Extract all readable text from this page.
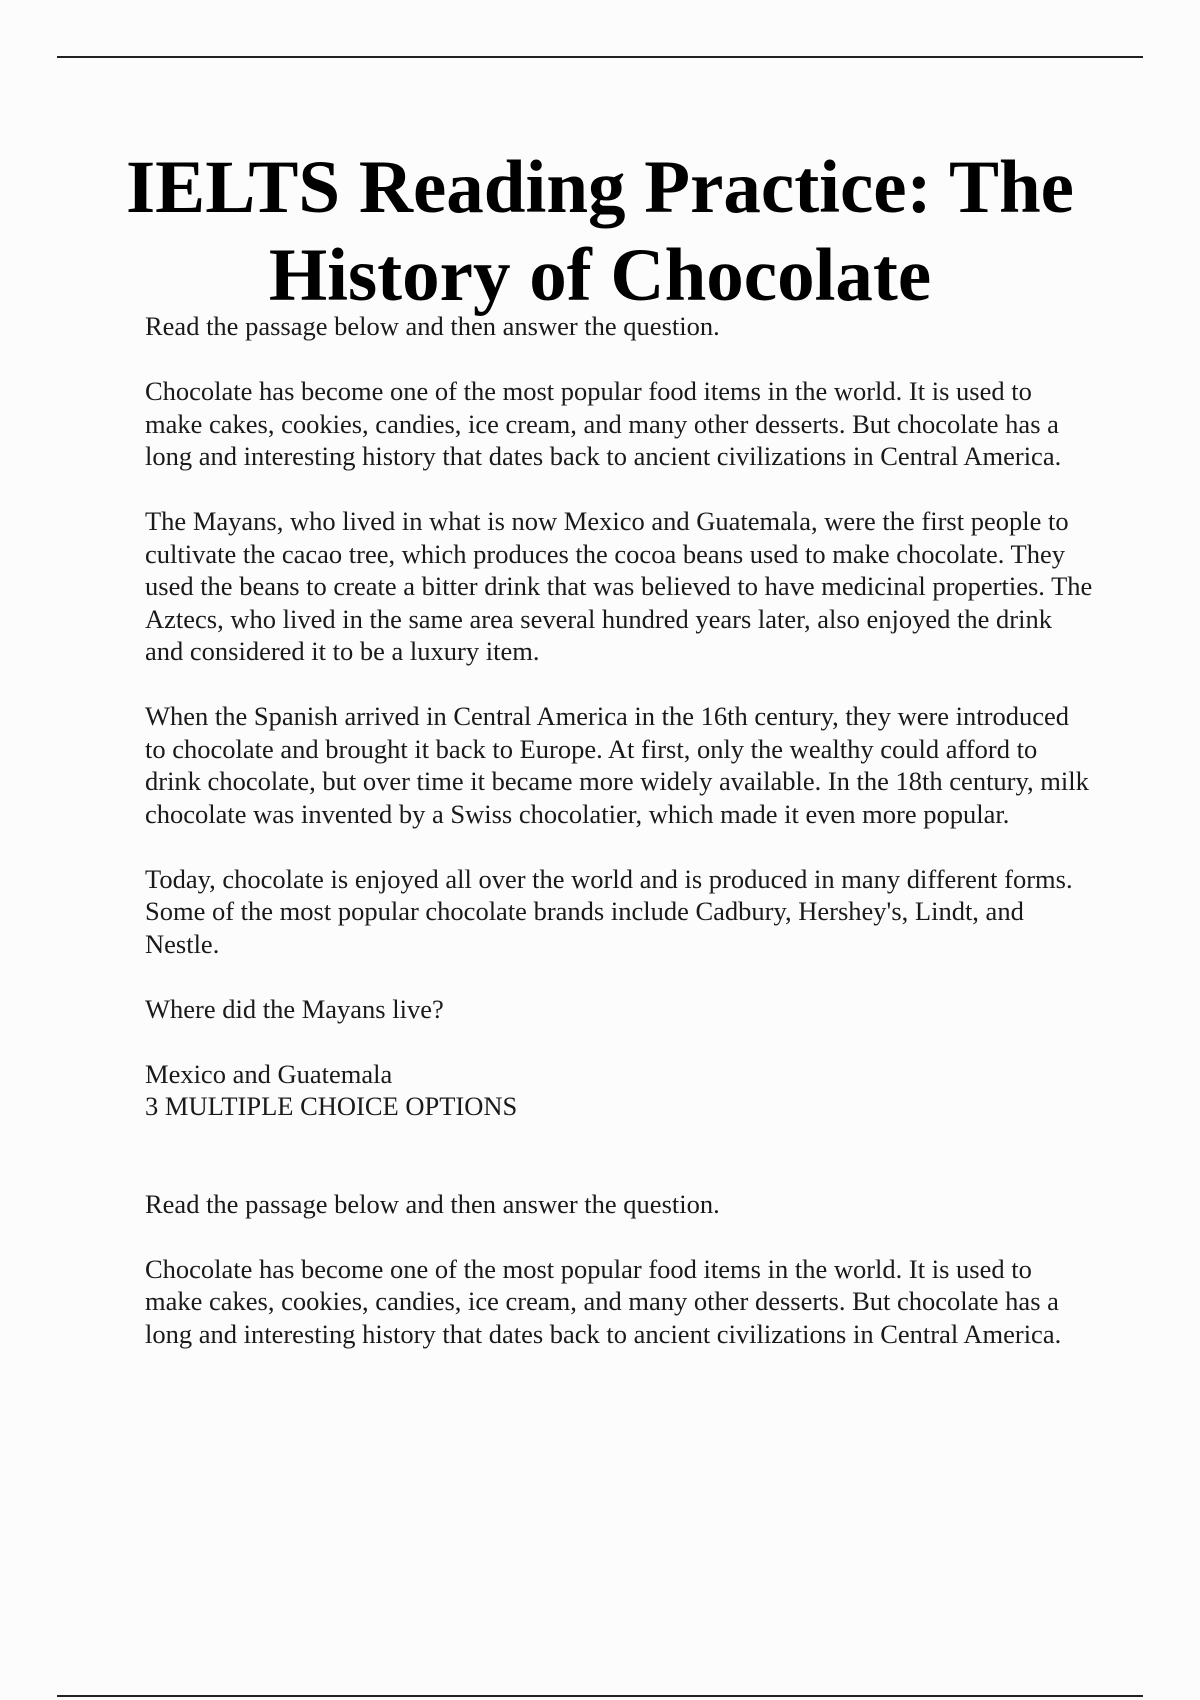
IELTS Reading Practice: The
History of Chocolate

Read the passage below and then answer the question.

Chocolate has become one of the most popular food items in the world. It is used to make cakes, cookies, candies, ice cream, and many other desserts. But chocolate has a long and interesting history that dates back to ancient civilizations in Central America.

The Mayans, who lived in what is now Mexico and Guatemala, were the first people to cultivate the cacao tree, which produces the cocoa beans used to make chocolate. They used the beans to create a bitter drink that was believed to have medicinal properties. The Aztecs, who lived in the same area several hundred years later, also enjoyed the drink and considered it to be a luxury item.

When the Spanish arrived in Central America in the 16th century, they were introduced to chocolate and brought it back to Europe. At first, only the wealthy could afford to drink chocolate, but over time it became more widely available. In the 18th century, milk chocolate was invented by a Swiss chocolatier, which made it even more popular.

Today, chocolate is enjoyed all over the world and is produced in many different forms. Some of the most popular chocolate brands include Cadbury, Hershey's, Lindt, and Nestle.

Where did the Mayans live?

Mexico and Guatemala

3 MULTIPLE CHOICE OPTIONS

Read the passage below and then answer the question.

Chocolate has become one of the most popular food items in the world. It is used to make cakes, cookies, candies, ice cream, and many other desserts. But chocolate has a long and interesting history that dates back to ancient civilizations in Central America.
